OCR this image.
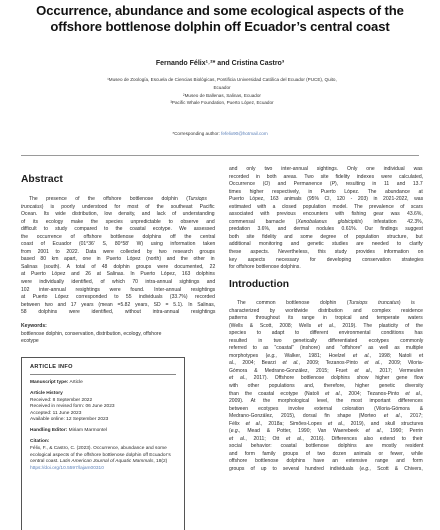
Occurrence, abundance and some ecological aspects of the
offshore bottlenose dolphin off Ecuador’s central coast
Fernando Félix¹˒²* and Cristina Castro³
¹Museo de Zoología, Escuela de Ciencias Biológicas, Pontificia Universidad Católica del Ecuador (PUCE), Quito,
Ecuador
²Museo de Ballenas, Salinas, Ecuador
³Pacific Whale Foundation, Puerto López, Ecuador
*Corresponding author: fefelix90@hotmail.com
Abstract
The presence of the offshore bottlenose dolphin (Tursiops
truncatus) is poorly understood for most of the southeast Pacific
Ocean. Its wide distribution, low density, and lack of understanding
of its ecology make the species unpredictable to observe and
difficult to study compared to the coastal ecotype. We assessed
the occurrence of offshore bottlenose dolphins off the central
coast of Ecuador (01°36′ S, 80°58′ W) using information taken
from 2001 to 2022. Data were collected by two research groups
based 80 km apart, one in Puerto López (north) and the other in
Salinas (south). A total of 48 dolphin groups were documented, 22
at Puerto López and 26 at Salinas. In Puerto López, 163 dolphins
were individually identified, of which 70 intra-annual sightings and
102 inter-annual resightings were found. Inter-annual resightings
at Puerto López corresponded to 55 individuals (33.7%) recorded
between two and 17 years (mean =5.82 years, SD = 5.1). In Salinas,
58 dolphins were identified, without intra-annual resightings
Keywords:
bottlenose dolphin, conservation, distribution, ecology, offshore
ecotype
ARTICLE INFO
Manuscript type: Article
Article History
Received: 8 September 2022
Received in revised form: 06 June 2023
Accepted: 11 June 2023
Available online: 12 September 2023
Handling Editor: Miriam Marmontel
Citation:
Félix, F., & Castro, C. (2023). Occurrence, abundance and some
ecological aspects of the offshore bottlenose dolphin off Ecuador’s
central coast. Latin American Journal of Aquatic Mammals, 18(2)
https://doi.org/10.5597/lajam00310
and only two inter-annual sightings. Only one individual was
recorded in both areas. Two site fidelity indexes were calculated,
Occurrence (O) and Permanence (P), resulting in 11 and 13.7
times higher respectively, in Puerto López. The abundance at
Puerto López, 163 animals (95% CI, 120 - 203) in 2021-2022, was
estimated with a closed population model. The prevalence of scars
associated with previous encounters with fishing gear was 43.6%,
commensal barnacle (Xenobalanus globicipitis) infestation 42.3%,
predation 3.6%, and dermal nodules 0.61%. Our findings suggest
both site fidelity and some degree of population structure, but
additional monitoring and genetic studies are needed to clarify
these aspects. Nevertheless, this study provides information on
key aspects necessary for developing conservation strategies
for offshore bottlenose dolphins.
Introduction
The common bottlenose dolphin (Tursiops truncatus) is
characterized by worldwide distribution and complex residence
patterns throughout its range in tropical and temperate waters
(Wells & Scott, 2008; Wells et al., 2019). The plasticity of the
species to adapt to different environmental conditions has
resulted in two genetically differentiated ecotypes commonly
referred to as “coastal” (inshore) and “offshore” as well as multiple
morphotypes (e.g., Walker, 1981; Hoelzel et al., 1998; Natoli et
al., 2004; Bearzi et al., 2009; Tezanos-Pinto et al., 2009; Viloria-
Gómora & Medrano-González, 2015; Fruet et al., 2017; Vermeulen
et al., 2017). Offshore bottlenose dolphins show higher gene flow
with other populations and, therefore, higher genetic diversity
than the coastal ecotype (Natoli et al., 2004; Tezanos-Pinto et al.,
2009). At the morphological level, the most important differences
between ecotypes involve external coloration (Viloria-Gómora &
Medrano-González, 2015), dorsal fin shape (Morteo et al., 2017;
Félix et al., 2018a; Simões-Lopes et al., 2019), and skull structures
(e.g., Mead & Potter, 1990; Van Waerebeek et al., 1990; Perrin
et al., 2011; Ott et al., 2016). Differences also extend to their
social behavior: coastal bottlenose dolphins are mostly resident
and form family groups of two dozen animals or fewer, while
offshore bottlenose dolphins have an extensive range and form
groups of up to several hundred individuals (e.g., Scott & Chivers,
